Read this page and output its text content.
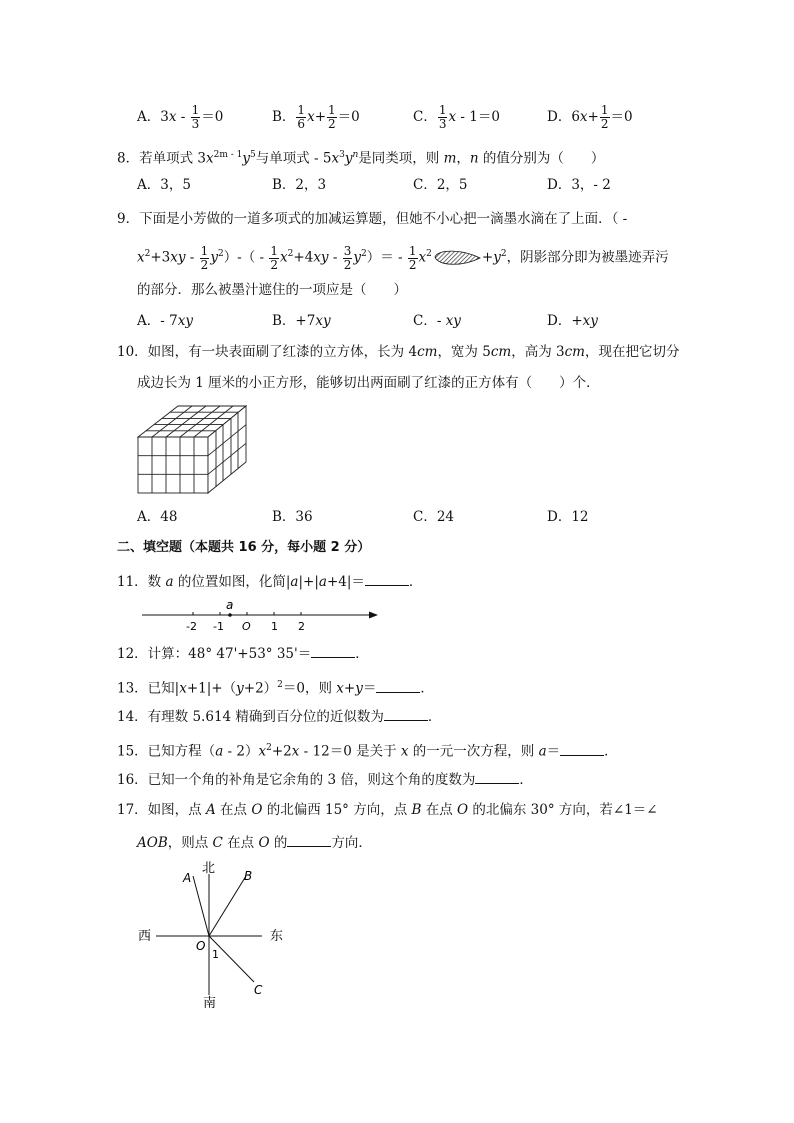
A．$3x - \frac{1}{3} =0$	B． $\frac{1}{6} x+ \frac{1}{2} =0$	C． $\frac{1}{3}$ x - 1＝0	D．$6x+ \frac{1}{2} =0$
8．若单项式 $3x^{2m - 1}y^5$与单项式 - $5x^3y^n$是同类项，则 m，n 的值分别为（　　）
A．3，5	B．2，3	C．2，5	D．3，- 2
9．下面是小芳做的一道多项式的加减运算题，但她不小心把一滴墨水滴在了上面．（ -
$x^2+3xy - \frac{1}{2} y^2)-( - \frac{1}{2} x^2+4xy - \frac{3}{2} y^2)= - \frac{1}{2} x^2$	$+y^2$，阴影部分即为被墨迹弄污
的部分．那么被墨汁遮住的一项应是（　　）
A．- 7xy	B．+7xy	C．- xy	D．+xy
10．如图，有一块表面刷了红漆的立方体，长为 4cm，宽为 5cm，高为 3cm，现在把它切分
成边长为 1 厘米的小正方形，能够切出两面刷了红漆的正方体有（　　）个．
A．48	B．36	C．24	D．12
二、填空题（本题共 16 分，每小题 2 分）
11．数 a 的位置如图，化简|a|+|a+4|＝	．
a
-2 -1 O 1 2
12．计算：48° 47'+53° 35'＝	．
13．已知$|x+1|+(y+2)^2=0$，则 x+y＝	．
14．有理数 5.614 精确到百分位的近似数为	．
15．已知方程$(a - 2)x^2+2x - 12=0$ 是关于 x 的一元一次方程，则 a＝	．
16．已知一个角的补角是它余角的 3 倍，则这个角的度数为	．
17．如图，点 A 在点 O 的北偏西 15° 方向，点 B 在点 O 的北偏东 30° 方向，若∠1＝∠
AOB，则点 C 在点 O 的	方向．
北
南
西	东
A	B
C
O
1
